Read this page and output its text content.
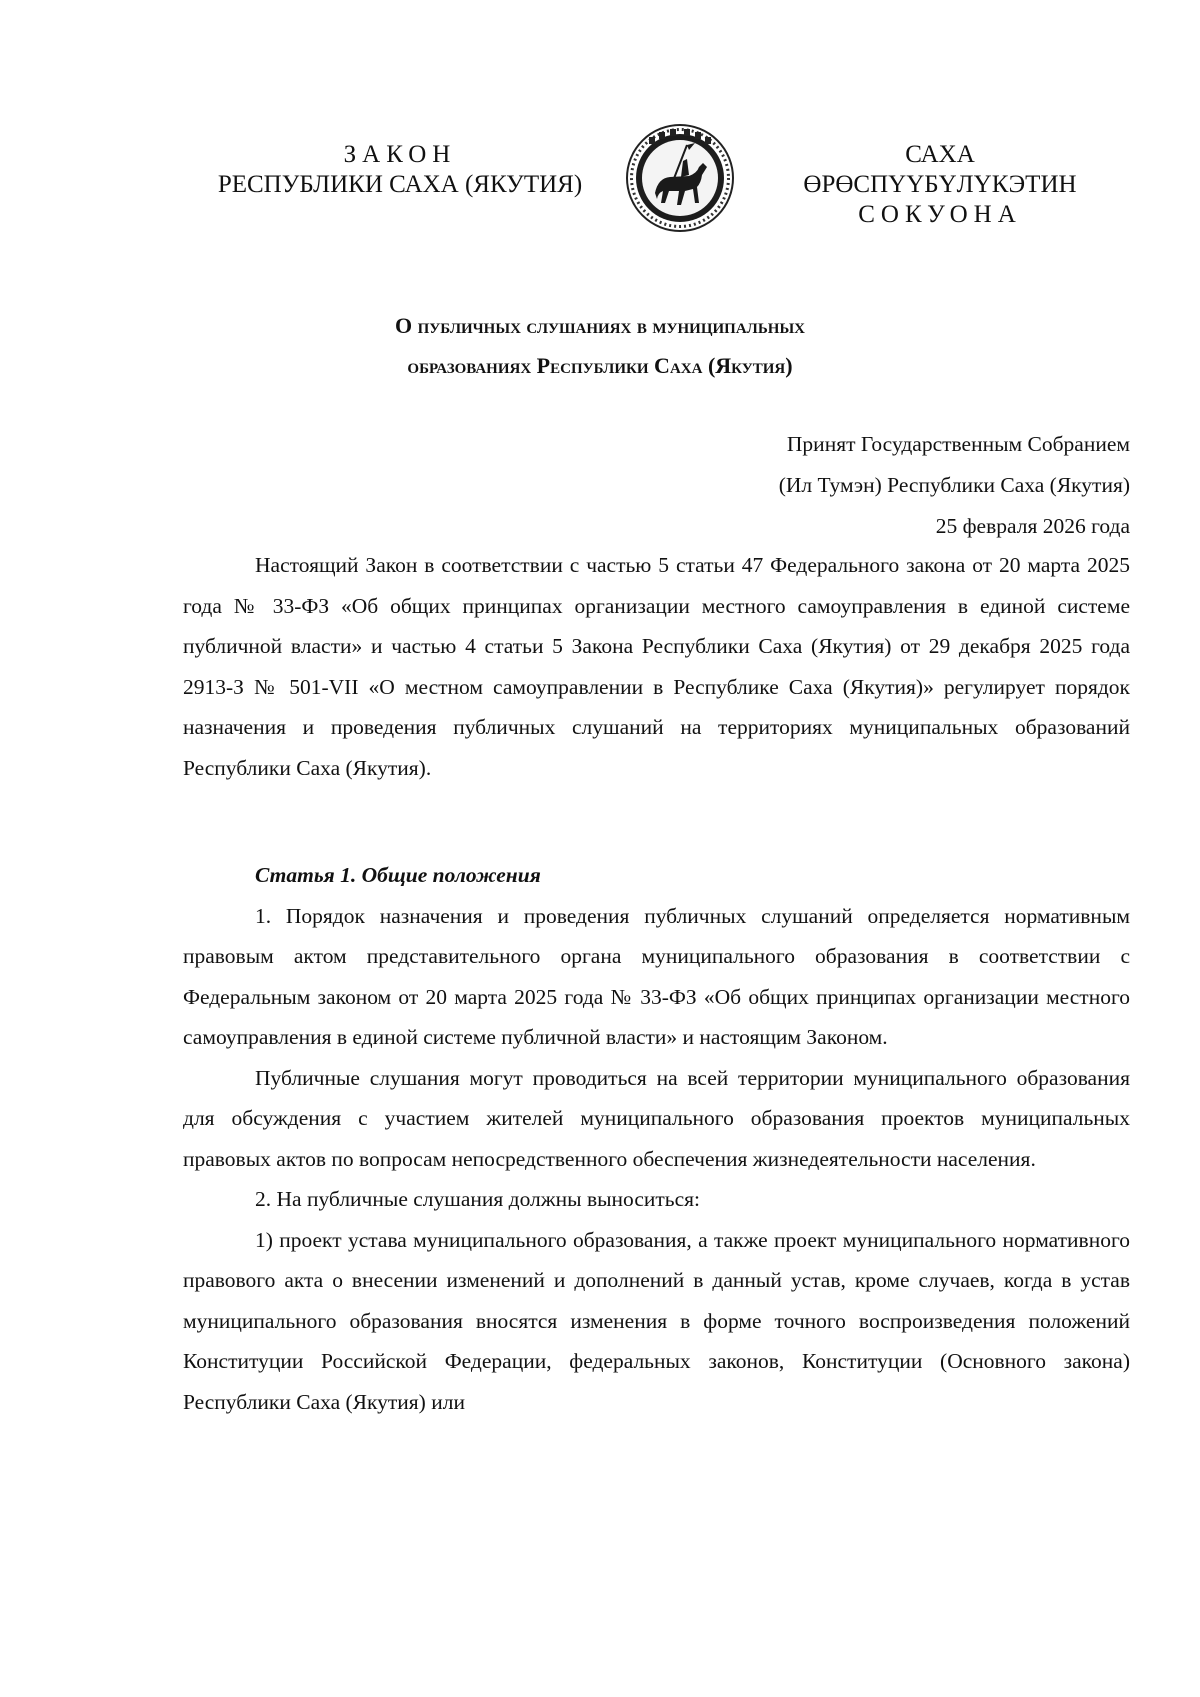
ЗАКОН
РЕСПУБЛИКИ САХА (ЯКУТИЯ)
САХА ӨРӨСПҮҮБҮЛҮКЭТИН
СОКУОНА
О публичных слушаниях в муниципальных
образованиях Республики Саха (Якутия)
Принят Государственным Собранием
(Ил Тумэн) Республики Саха (Якутия)
25 февраля 2026 года

Настоящий Закон в соответствии с частью 5 статьи 47 Федерального закона от 20 марта 2025 года № 33-ФЗ «Об общих принципах организации местного самоуправления в единой системе публичной власти» и частью 4 статьи 5 Закона Республики Саха (Якутия) от 29 декабря 2025 года 2913-З № 501-VII «О местном самоуправлении в Республике Саха (Якутия)» регулирует порядок назначения и проведения публичных слушаний на территориях муниципальных образований Республики Саха (Якутия).

Статья 1. Общие положения

1. Порядок назначения и проведения публичных слушаний определяется нормативным правовым актом представительного органа муниципального образования в соответствии с Федеральным законом от 20 марта 2025 года № 33-ФЗ «Об общих принципах организации местного самоуправления в единой системе публичной власти» и настоящим Законом.

Публичные слушания могут проводиться на всей территории муниципального образования для обсуждения с участием жителей муниципального образования проектов муниципальных правовых актов по вопросам непосредственного обеспечения жизнедеятельности населения.

2. На публичные слушания должны выноситься:

1) проект устава муниципального образования, а также проект муниципального нормативного правового акта о внесении изменений и дополнений в данный устав, кроме случаев, когда в устав муниципального образования вносятся изменения в форме точного воспроизведения положений Конституции Российской Федерации, федеральных законов, Конституции (Основного закона) Республики Саха (Якутия) или
